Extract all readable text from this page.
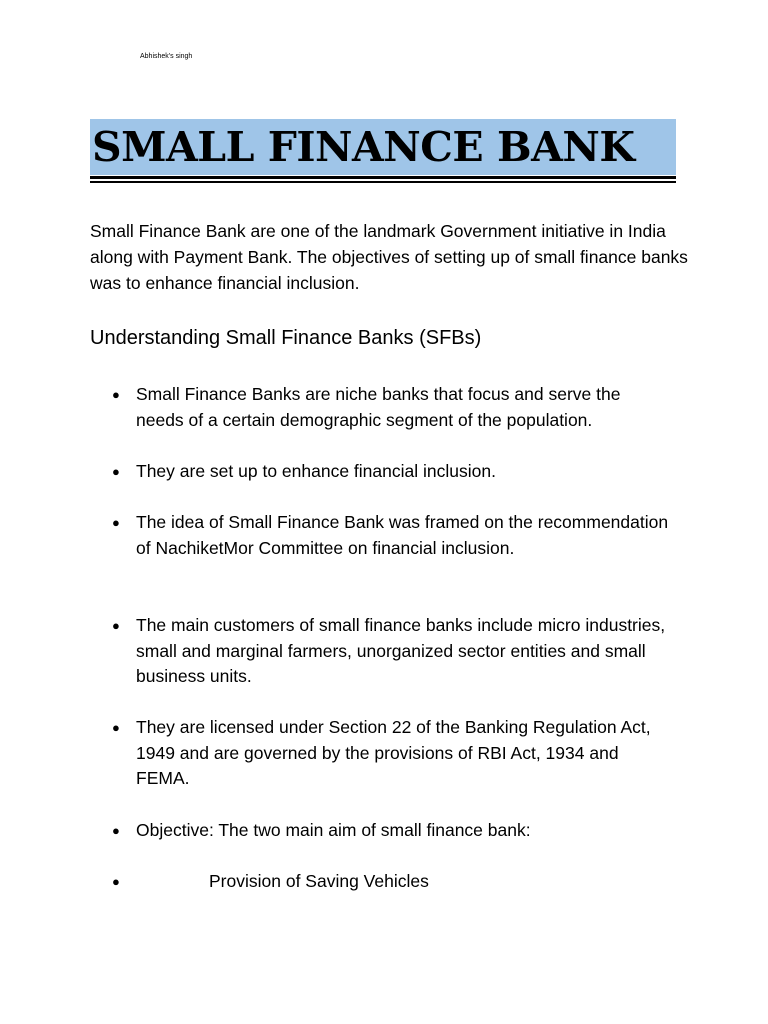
Abhishek's singh
SMALL FINANCE BANK

Small Finance Bank are one of the landmark Government initiative in India along with Payment Bank. The objectives of setting up of small finance banks was to enhance financial inclusion.

Understanding Small Finance Banks (SFBs)
● Small Finance Banks are niche banks that focus and serve the needs of a certain demographic segment of the population.
● They are set up to enhance financial inclusion.
● The idea of Small Finance Bank was framed on the recommendation of NachiketMor Committee on financial inclusion.
● The main customers of small finance banks include micro industries, small and marginal farmers, unorganized sector entities and small business units.
● They are licensed under Section 22 of the Banking Regulation Act, 1949 and are governed by the provisions of RBI Act, 1934 and FEMA.
● Objective: The two main aim of small finance bank:
●	Provision of Saving Vehicles
